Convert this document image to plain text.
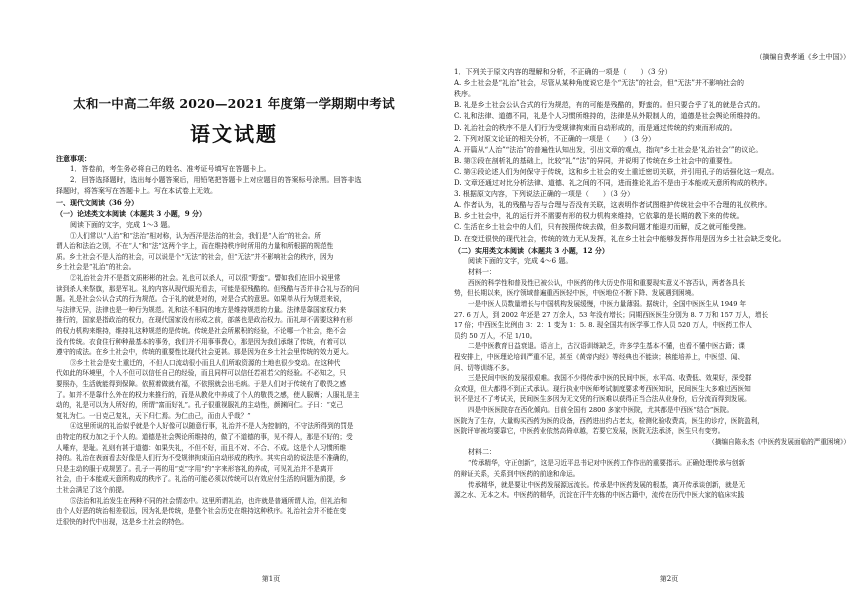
太和一中高二年级 2020—2021 年度第一学期期中考试
语文试题
注意事项：
1．答卷前，考生务必将自己的姓名、准考证号填写在答题卡上。
2．回答选择题时，选出每小题答案后，用铅笔把答题卡上对应题目的答案标号涂黑。回答非选
择题时，将答案写在答题卡上。写在本试卷上无效。
一、现代文阅读（36 分）
（一）论述类文本阅读（本题共 3 小题，9 分）
阅读下面的文字，完成 1～3 题。
①人们常以“人治”和“法治”相对称，认为西洋是法治的社会，我们是“人治”的社会。所
谓人治和法治之别，不在“人”和“法”这两个字上，而在维持秩序时所用的力量和所根据的规范性
质。乡土社会不是人治的社会，可以说是个“无法”的社会，但“无法”并不影响社会的秩序，因为
乡土社会是“礼治”的社会。
②礼治社会并不是指文质彬彬的社会。礼也可以杀人，可以很“野蛮”。譬如我们在旧小说里常
读到杀人来祭旗，那是军礼。礼的内容从现代眼光看去，可能是很残酷的。但残酷与否并非合礼与否的问
题。礼是社会公认合式的行为规范。合于礼的就是对的，对是合式的意思。如果单从行为规范来说，
与法律无异，法律也是一种行为规范。礼和法不相同的地方是维持规范的力量。法律是靠国家权力来
推行的，国家是指政治的权力，在现代国家没有形成之前，部落也是政治权力。而礼却不需要这种有形
的权力机构来维持，维持礼这种规范的是传统。传统是社会所累积的经验，不论哪一个社会，绝不会
没有传统。衣食住行种种最基本的事务，我们并不用事事费心，那是因为我们承继了传统，有着可以
遵守的成法。在乡土社会中，传统的重要性比现代社会更甚。那是因为在乡土社会里传统的效力更大。
③乡土社会是安土重迁的，不但人口流动很小而且人们所取资源的土地也很少变动。在这种代
代如此的环境里，个人不但可以信任自己的经验，而且同样可以信任若祖若父的经验。不必知之，只
要照办，生活就能得到保障。依照着做就有福，不依照就会出毛病。于是人们对于传统有了敬畏之感
了。如并不是靠什么外在的权力来推行的，而是从教化中养成了个人的敬畏之感，使人服膺；人服礼是主
动的，礼是可以为人所好的，所谓“富而好礼”。孔子很重视服礼的主动性，颜渊问仁。子曰：“克己
复礼为仁。一日克己复礼，天下归仁焉。为仁由己，而由人乎哉？”
④这里所说的礼治似乎就是个人好像可以随意行事，礼治并不是人为控制的，不守法所得到的罚是
由特定的权力加之于个人的。道德是社会舆论所维持的，做了不道德的事，见不得人，那是不好的；受
人唾弃，是耻。礼则有甚于道德：如果失礼，不但不好，而且不对、不合、不成。这是个人习惯所维
持的。礼治在表面看去好像是人们行为不受规律拘束而自动形成的秩序。其实自动的说法是不准确的，
只是主动的服于成规罢了。孔子一再的用“克”字用“约”字来形容礼的养成，可见礼治并不是离开
社会，由于本能或天意所构成的秩序了。礼治的可能必须以传统可以有效应付生活的问题为前提，乡
土社会满足了这个前提。
⑤法治和礼治发生在两种不同的社会情态中。这里所谓礼治，也许就是普通所谓人治，但礼治和
由个人好恶的统治相差很远，因为礼是传统，是整个社会历史在维持这种秩序。礼治社会并不能在变
迁很快的时代中出现，这是乡土社会的特色。
第1页
（摘编自费孝通《乡土中国》）
1．下列关于原文内容的理解和分析，不正确的一项是（　　）（3 分）
A. 乡土社会是“礼治”社会，尽管从某种角度说它是个“无法”的社会，但“无法”并不影响社会的
秩序。
B. 礼是乡土社会公认合式的行为规范，有的可能是残酷的，野蛮的。但只要合乎了礼的就是合式的。
C. 礼和法律、道德不同，礼是个人习惯所维持的，法律是从外限制人的，道德是社会舆论所维持的。
D. 礼治社会的秩序不是人们行为受规律拘束而自动形成的，而是通过传统的约束而形成的。
2. 下列对原文论证的相关分析，不正确的一项是（　　）（3 分）
A. 开篇从“人治”“法治”的普遍性认知出发，引出文章的观点，指向“乡土社会是‘礼治社会’”的议论。
B. 第③段在剖析礼的基础上，比较“礼”“法”的异同，并说明了传统在乡土社会中的重要性。
C. 第④段论述人们为何保守于传统，这和乡土社会的安土重迁密切关联，并引用孔子的话强化这一观点。
D. 文章还通过对比分析法律、道德、礼之间的不同，进而推论礼治不是由于本能或天意所构成的秩序。
3. 根据原文内容，下列说法正确的一项是（　　）（3 分）
A. 作者认为，礼的残酷与否与合理与否没有关联，这表明作者试图维护传统社会中不合理的礼仪秩序。
B. 乡土社会中，礼的运行并不需要有形的权力机构来维持，它依靠的是长期的教下来的传统。
C. 生活在乡土社会中的人们，只有按照传统去做，但多数问题才能迎刃而解，反之就可能受挫。
D. 在变迁很快的现代社会，传统的效力无从发挥，礼在乡土社会中能够发挥作用是因为乡土社会缺乏变化。
（二）实用类文本阅读（本题共 3 小题，12 分）
阅读下面的文字，完成 4～6 题。
材料一：
西医的科学性和普及性已被公认，中医药的伟大历史作用和重要现实意义不容否认，两者各具长
势，但长期以来，医疗领域普遍重西医轻中医，中医地位不断下降、发展遇到困境。
一是中医人员数量增长与中国机构发展缓慢，中医力量薄弱。据统计，全国中医医生从 1949 年
27. 6 万人，到 2002 年还是 27 万余人，53 年没有增长；同期西医医生分别为 8. 7 万和 157 万人，增长
17 倍；中西医生比例由 3：2：1 变为 1：5. 8. 现全国共有医学事工作人员 520 万人，中医药工作人
员约 50 万人，不足 1/10。
二是中医教育日益衰退。语言上，古汉语训练缺乏，许多学生基本不懂，也看不懂中医古籍；课
程安排上，中医理论培训严重不足，甚至《黄帝内经》等经典也不能读；核能培养上，中医望、闻、
问、切等训练不多。
三是民间中医的发展很艰难。我国不少得传承中医的民间中医，水平高、收费低、效果好，深受群
众欢迎，但大都得不到正式承认。现行执业中医师考试制度要求考西医知识，民间医生大多难过西医知
识不是过不了考试关，民间医生多因为无文凭的行医难以获得正当合法从业身份，后分流而得到发展。
四是中医医院存在西化倾向。目前全国有 2800 多家中医院，尤其都是中西医“结合”医院。
医院为了生存，大量购买西药为医的设备，西药进出约占老太，检测化验收费高，医生的诊疗，医院盈利，
医院评审被均要靠它，中医药业依然高倚卓越，若要它发展，医院无法承济，医生只有变穷。
（摘编自陈永杰《中医药发展面临的严重困境》）
材料二：
“传承精华，守正创新”，这是习近平总书记对中医药工作作出的重要指示。正确处理传承与创新
的辩证关系，关系到中医药的前途和命运。
传承精华，就是要让中医药发展源远流长。传承是中医药发展的根基，离开传承谈创新，就是无
源之水、无本之木。中医药的精华，沉淀在汗牛充栋的中医古籍中，流传在历代中医大家的临床实践
第2页
